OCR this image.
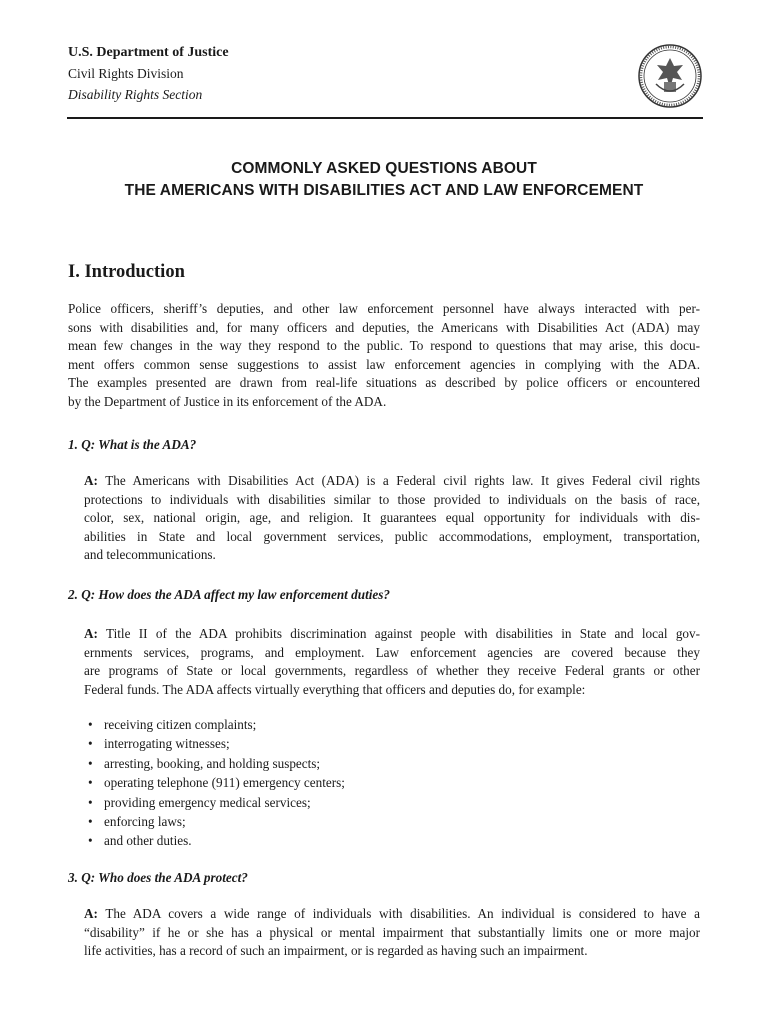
U.S. Department of Justice
Civil Rights Division
Disability Rights Section
COMMONLY ASKED QUESTIONS ABOUT
THE AMERICANS WITH DISABILITIES ACT AND LAW ENFORCEMENT
I. Introduction
Police officers, sheriff’s deputies, and other law enforcement personnel have always interacted with per-
sons with disabilities and, for many officers and deputies, the Americans with Disabilities Act (ADA) may
mean few changes in the way they respond to the public. To respond to questions that may arise, this docu-
ment offers common sense suggestions to assist law enforcement agencies in complying with the ADA.
The examples presented are drawn from real-life situations as described by police officers or encountered
by the Department of Justice in its enforcement of the ADA.
1. Q: What is the ADA?
A: The Americans with Disabilities Act (ADA) is a Federal civil rights law. It gives Federal civil rights
protections to individuals with disabilities similar to those provided to individuals on the basis of race,
color, sex, national origin, age, and religion. It guarantees equal opportunity for individuals with dis-
abilities in State and local government services, public accommodations, employment, transportation,
and telecommunications.
2. Q: How does the ADA affect my law enforcement duties?
A: Title II of the ADA prohibits discrimination against people with disabilities in State and local gov-
ernments services, programs, and employment. Law enforcement agencies are covered because they
are programs of State or local governments, regardless of whether they receive Federal grants or other
Federal funds. The ADA affects virtually everything that officers and deputies do, for example:
• receiving citizen complaints;
• interrogating witnesses;
• arresting, booking, and holding suspects;
• operating telephone (911) emergency centers;
• providing emergency medical services;
• enforcing laws;
• and other duties.
3. Q: Who does the ADA protect?
A: The ADA covers a wide range of individuals with disabilities. An individual is considered to have a
“disability” if he or she has a physical or mental impairment that substantially limits one or more major
life activities, has a record of such an impairment, or is regarded as having such an impairment.
